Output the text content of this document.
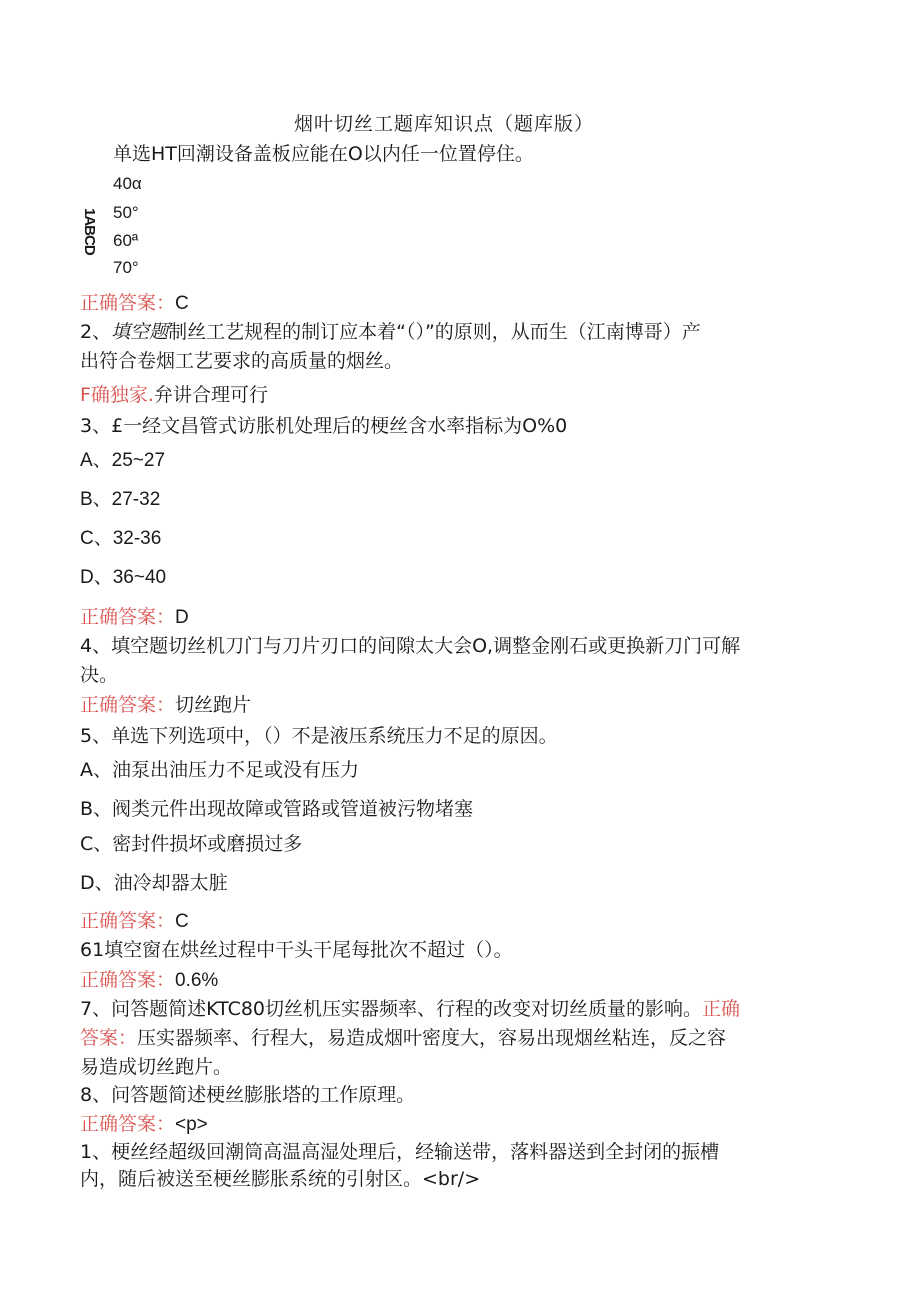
烟叶切丝工题库知识点（题库版）
单选HT回潮设备盖板应能在O以内任一位置停住。
1ABCD
40α
50°
60ª
70°
正确答案：C
2、填空题制丝工艺规程的制订应本着“（）”的原则，从而生（江南博哥）产
出符合卷烟工艺要求的高质量的烟丝。
F确独家.弁讲合理可行
3、£一经文昌管式访胀机处理后的梗丝含水率指标为O%0
A、25~27
B、27-32
C、32-36
D、36~40
正确答案：D
4、填空题切丝机刀门与刀片刃口的间隙太大会O,调整金刚石或更换新刀门可解
决。
正确答案：切丝跑片
5、单选下列选项中，（）不是液压系统压力不足的原因。
A、油泵出油压力不足或没有压力
B、阀类元件出现故障或管路或管道被污物堵塞
C、密封件损坏或磨损过多
D、油冷却器太脏
正确答案：C
61填空窗在烘丝过程中干头干尾每批次不超过（）。
正确答案：0.6%
7、问答题简述KTC80切丝机压实器频率、行程的改变对切丝质量的影响。正确
答案：压实器频率、行程大，易造成烟叶密度大，容易出现烟丝粘连，反之容
易造成切丝跑片。
8、问答题简述梗丝膨胀塔的工作原理。
正确答案：<p>
1、梗丝经超级回潮筒高温高湿处理后，经输送带，落料器送到全封闭的振槽
内，随后被送至梗丝膨胀系统的引射区。<br/>
